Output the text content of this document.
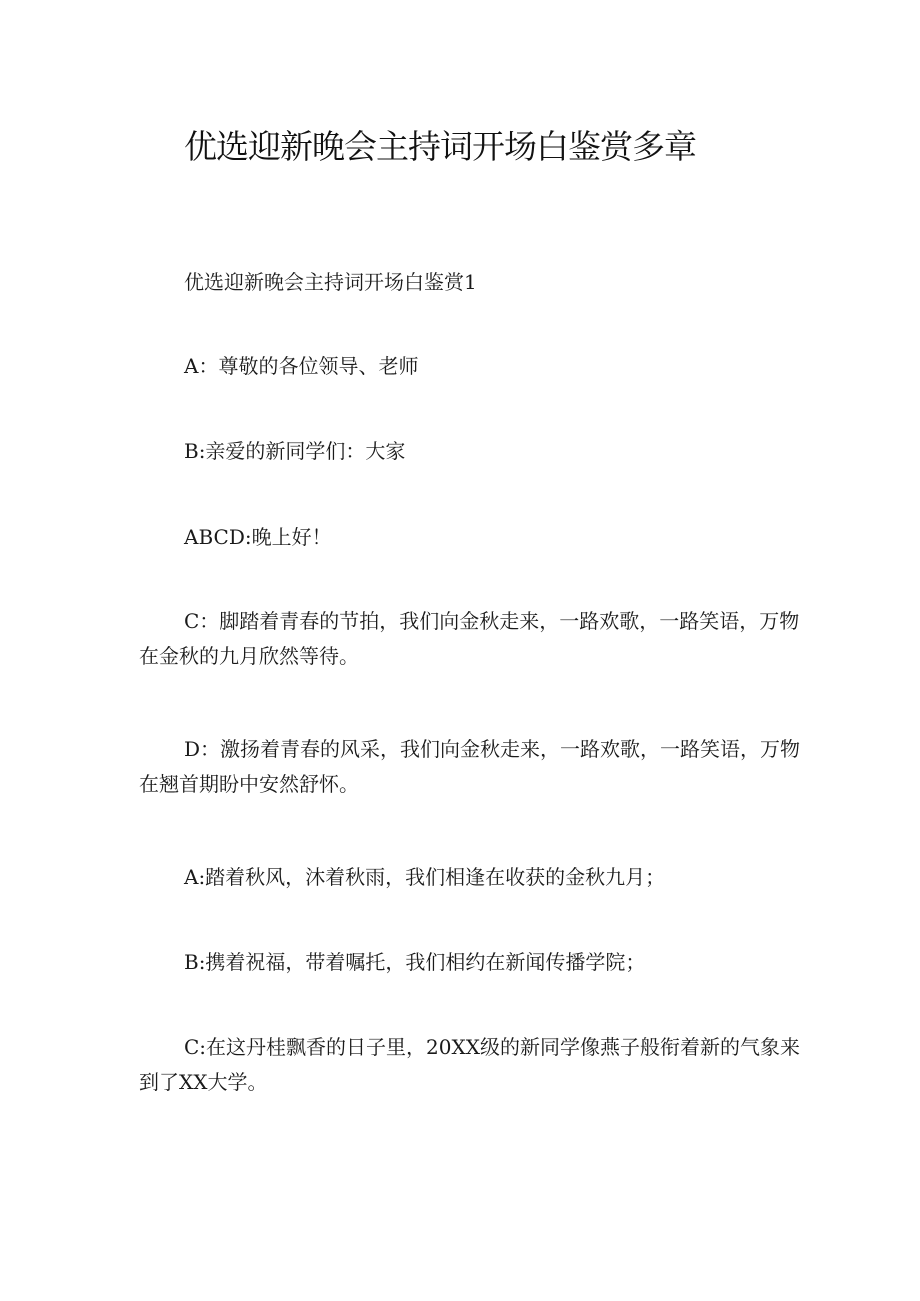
优选迎新晚会主持词开场白鉴赏多章

优选迎新晚会主持词开场白鉴赏1

A：尊敬的各位领导、老师

B:亲爱的新同学们：大家

ABCD:晚上好！

C：脚踏着青春的节拍，我们向金秋走来，一路欢歌，一路笑语，万物在金秋的九月欣然等待。

D：激扬着青春的风采，我们向金秋走来，一路欢歌，一路笑语，万物在翘首期盼中安然舒怀。

A:踏着秋风，沐着秋雨，我们相逢在收获的金秋九月；

B:携着祝福，带着嘱托，我们相约在新闻传播学院；

C:在这丹桂飘香的日子里，20XX级的新同学像燕子般衔着新的气象来到了XX大学。
